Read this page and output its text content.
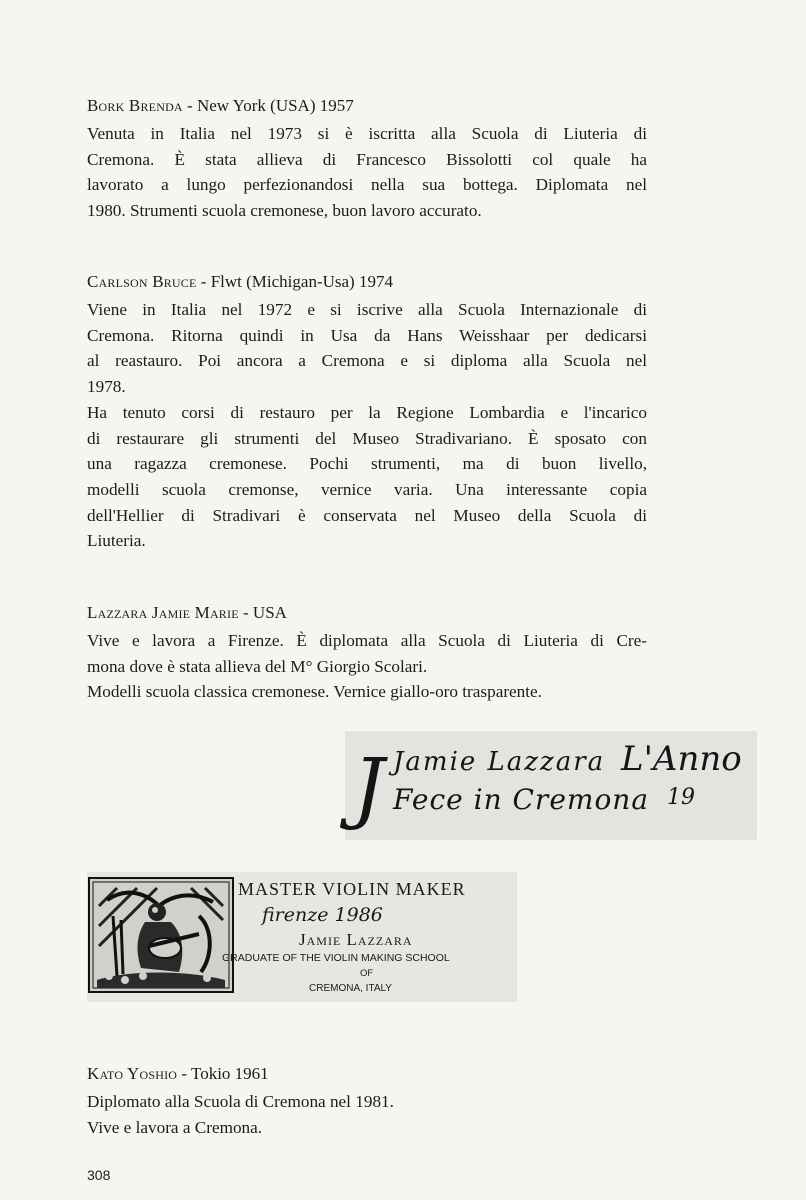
Bork Brenda - New York (USA) 1957

Venuta in Italia nel 1973 si è iscritta alla Scuola di Liuteria di

Cremona. È stata allieva di Francesco Bissolotti col quale ha

lavorato a lungo perfezionandosi nella sua bottega. Diplomata nel

1980. Strumenti scuola cremonese, buon lavoro accurato.

Carlson Bruce - Flwt (Michigan-Usa) 1974

Viene in Italia nel 1972 e si iscrive alla Scuola Internazionale di

Cremona. Ritorna quindi in Usa da Hans Weisshaar per dedicarsi

al reastauro. Poi ancora a Cremona e si diploma alla Scuola nel

1978.

Ha tenuto corsi di restauro per la Regione Lombardia e l'incarico

di restaurare gli strumenti del Museo Stradivariano. È sposato con

una ragazza cremonese. Pochi strumenti, ma di buon livello,

modelli scuola cremonse, vernice varia. Una interessante copia

dell'Hellier di Stradivari è conservata nel Museo della Scuola di

Liuteria.

Lazzara Jamie Marie - USA

Vive e lavora a Firenze. È diplomata alla Scuola di Liuteria di Cre-

mona dove è stata allieva del M° Giorgio Scolari.

Modelli scuola classica cremonese. Vernice giallo-oro trasparente.

J Jamie Lazzara
Fece in Cremona
L'Anno
19
MASTER VIOLIN MAKER
firenze 1986
Jamie Lazzara
GRADUATE OF THE VIOLIN MAKING SCHOOL
OF
CREMONA, ITALY
Kato Yoshio - Tokio 1961

Diplomato alla Scuola di Cremona nel 1981.

Vive e lavora a Cremona.

308
